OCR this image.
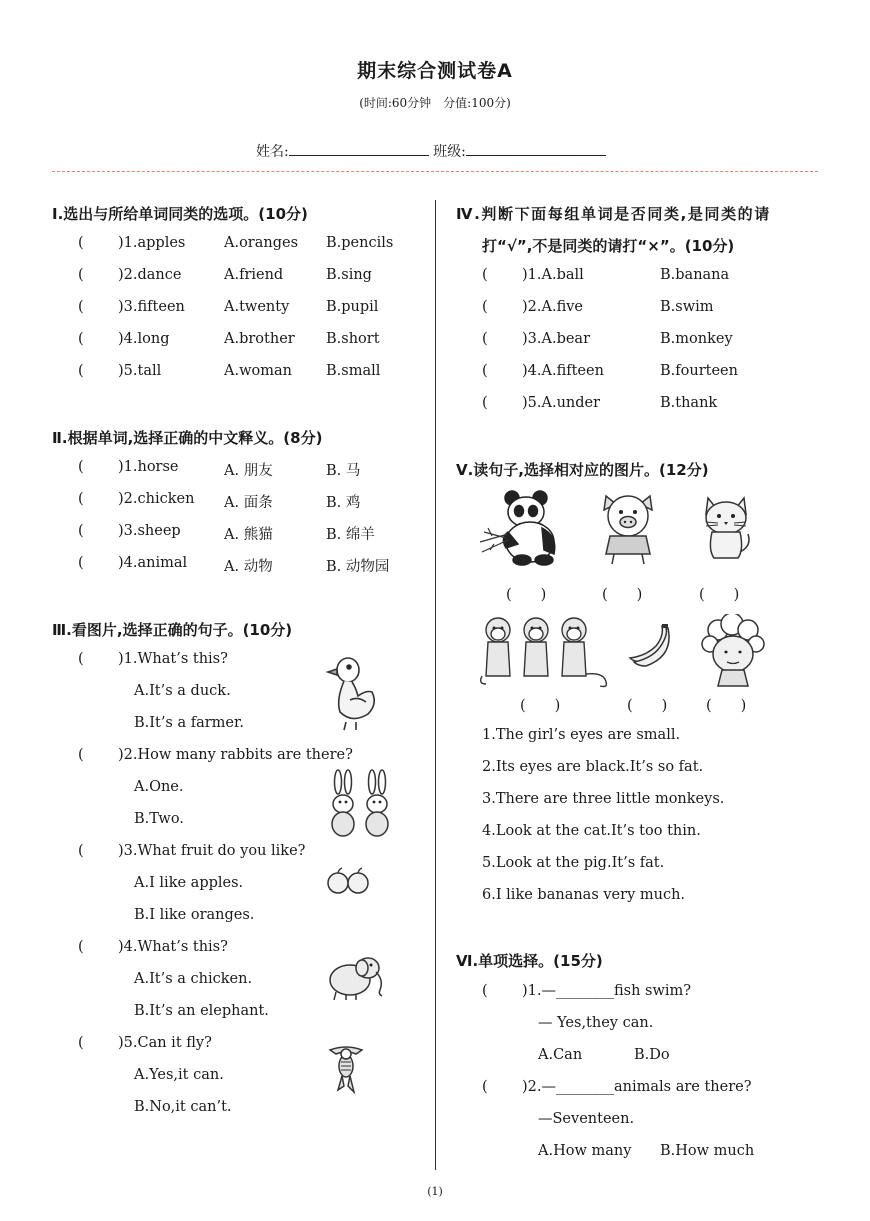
期末综合测试卷A
(时间:60分钟　分值:100分)
姓名:	班级:
Ⅰ.选出与所给单词同类的选项。(10分)
( )1.apples	A.oranges B.pencils
( )2.dance	A.friend	B.sing
( )3.fifteen	A.twenty	B.pupil
( )4.long	A.brother B.short
( )5.tall	A.woman B.small
Ⅱ.根据单词,选择正确的中文释义。(8分)
( )1.horse	A. 朋友	B. 马
( )2.chicken A. 面条	B. 鸡
( )3.sheep	A. 熊猫	B. 绵羊
( )4.animal	A. 动物	B. 动物园
Ⅲ.看图片,选择正确的句子。(10分)
( )1.What’s this?
A.It’s a duck.
B.It’s a farmer.
( )2.How many rabbits are there?
A.One.
B.Two.
( )3.What fruit do you like?
A.I like apples.
B.I like oranges.
( )4.What’s this?
A.It’s a chicken.
B.It’s an elephant.
( )5.Can it fly?
A.Yes,it can.
B.No,it can’t.
Ⅳ.判断下面每组单词是否同类,是同类的请
打“√”,不是同类的请打“×”。(10分)
( )1.A.ball	B.banana
( )2.A.five	B.swim
( )3.A.bear	B.monkey
( )4.A.fifteen	B.fourteen
( )5.A.under	B.thank
Ⅴ.读句子,选择相对应的图片。(12分)
(　　)	(　　)	(　　)
(　　)	(　　)	(　　)
1.The girl’s eyes are small.
2.Its eyes are black.It’s so fat.
3.There are three little monkeys.
4.Look at the cat.It’s too thin.
5.Look at the pig.It’s fat.
6.I like bananas very much.
Ⅵ.单项选择。(15分)
( )1.—________fish swim?
— Yes,they can.
A.Can	B.Do
( )2.—________animals are there?
—Seventeen.
A.How many B.How much
(1)
